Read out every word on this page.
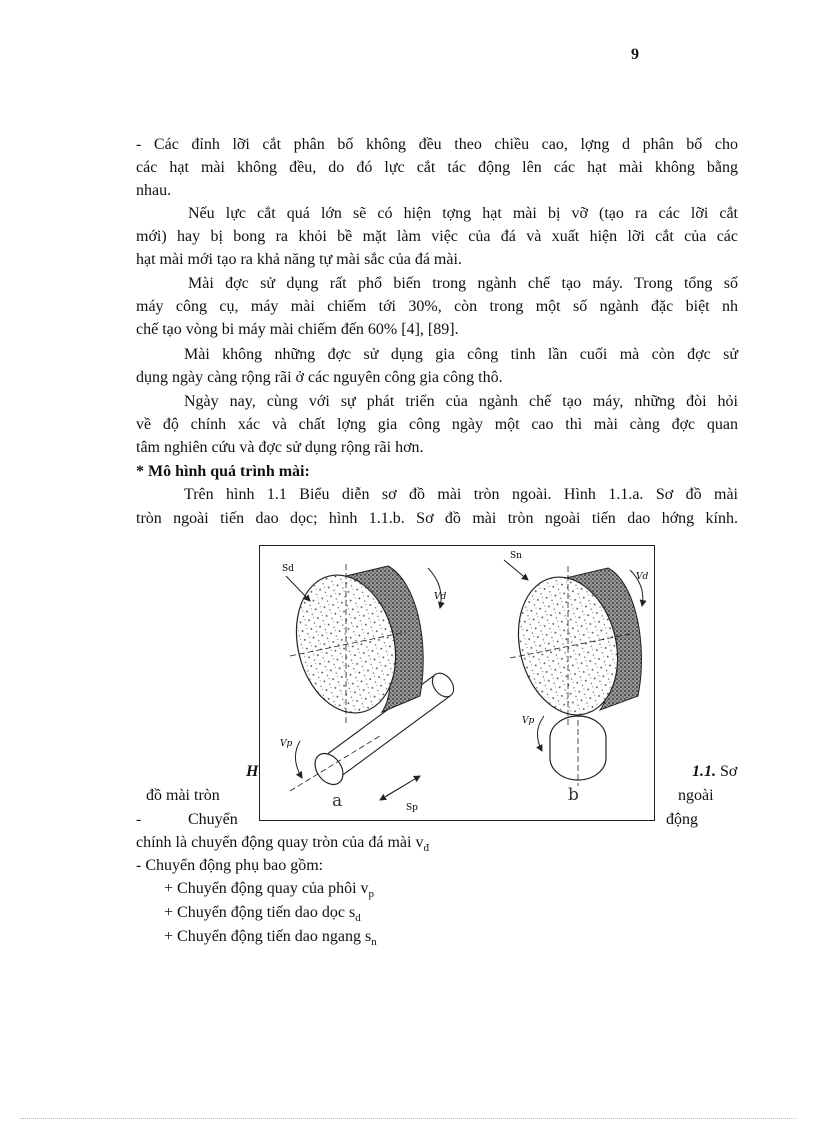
9
- Các đỉnh lỡi cắt phân bố không đều theo chiều cao, lợng d phân bố cho
các hạt mài không đều, do đó lực cắt tác động lên các hạt mài không bằng
nhau.
Nếu lực cắt quá lớn sẽ có hiện tợng hạt mài bị vỡ (tạo ra các lỡi cắt
mới) hay bị bong ra khỏi bề mặt làm việc của đá và xuất hiện lỡi cắt của các
hạt mài mới tạo ra khả năng tự mài sắc của đá mài.
Mài đợc sử dụng rất phổ biến trong ngành chế tạo máy. Trong tổng số
máy công cụ, máy mài chiếm tới 30%, còn trong một số ngành đặc biệt nh
chế tạo vòng bi máy mài chiếm đến 60% [4], [89].
Mài không những đợc sử dụng gia công tinh lần cuối mà còn đợc sử
dụng ngày càng rộng rãi ở các nguyên công gia công thô.
Ngày nay, cùng với sự phát triển của ngành chế tạo máy, những đòi hỏi
về độ chính xác và chất lợng gia công ngày một cao thì mài càng đợc quan
tâm nghiên cứu và đợc sử dụng rộng rãi hơn.
* Mô hình quá trình mài:
Trên hình 1.1 Biểu diễn sơ đồ mài tròn ngoài. Hình 1.1.a. Sơ đồ mài
tròn ngoài tiến dao dọc; hình 1.1.b. Sơ đồ mài tròn ngoài tiến dao hớng kính.
Sd
Vd
Vp
Sp
Sn
Vd
Vp
a	b
H	1.1. Sơ
đồ mài tròn	ngoài
-	Chuyển	động
chính là chuyển động quay tròn của đá mài $v_đ$
- Chuyển động phụ bao gồm:
+ Chuyển động quay của phôi $v_p$
+ Chuyển động tiến dao dọc $s_d$
+ Chuyển động tiến dao ngang $s_n$
